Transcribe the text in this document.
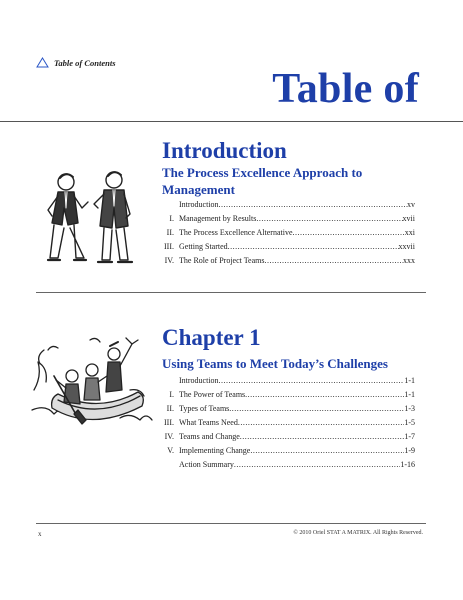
Table of Contents
Table of
Introduction
The Process Excellence Approach to Management
Introduction .....	xv
I. Management by Results .....	xvii
II. The Process Excellence Alternative .....	xxi
III. Getting Started .....	xxvii
IV. The Role of Project Teams .....	xxx
Chapter 1
Using Teams to Meet Today’s Challenges
Introduction .....	1-1
I. The Power of Teams .....	1-1
II. Types of Teams .....	1-3
III. What Teams Need .....	1-5
IV. Teams and Change .....	1-7
V. Implementing Change .....	1-9
Action Summary .....	1-16
x	© 2010 Oriel STAT A MATRIX. All Rights Reserved.
